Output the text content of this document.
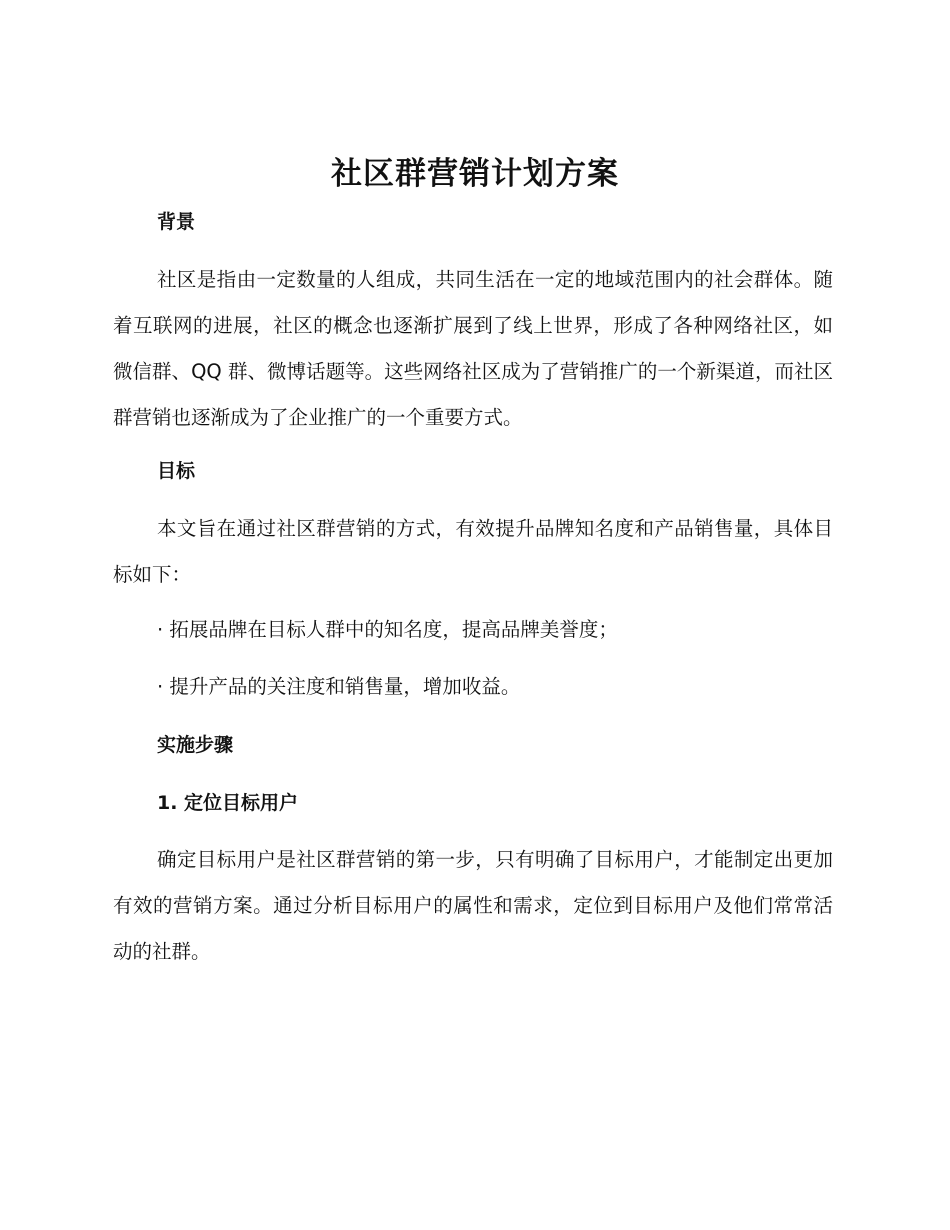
社区群营销计划方案
背景
社区是指由一定数量的人组成，共同生活在一定的地域范围内的社会群体。随着互联网的进展，社区的概念也逐渐扩展到了线上世界，形成了各种网络社区，如微信群、QQ 群、微博话题等。这些网络社区成为了营销推广的一个新渠道，而社区群营销也逐渐成为了企业推广的一个重要方式。
目标
本文旨在通过社区群营销的方式，有效提升品牌知名度和产品销售量，具体目标如下：
· 拓展品牌在目标人群中的知名度，提高品牌美誉度；
· 提升产品的关注度和销售量，增加收益。
实施步骤
1. 定位目标用户
确定目标用户是社区群营销的第一步，只有明确了目标用户，才能制定出更加有效的营销方案。通过分析目标用户的属性和需求，定位到目标用户及他们常常活动的社群。
